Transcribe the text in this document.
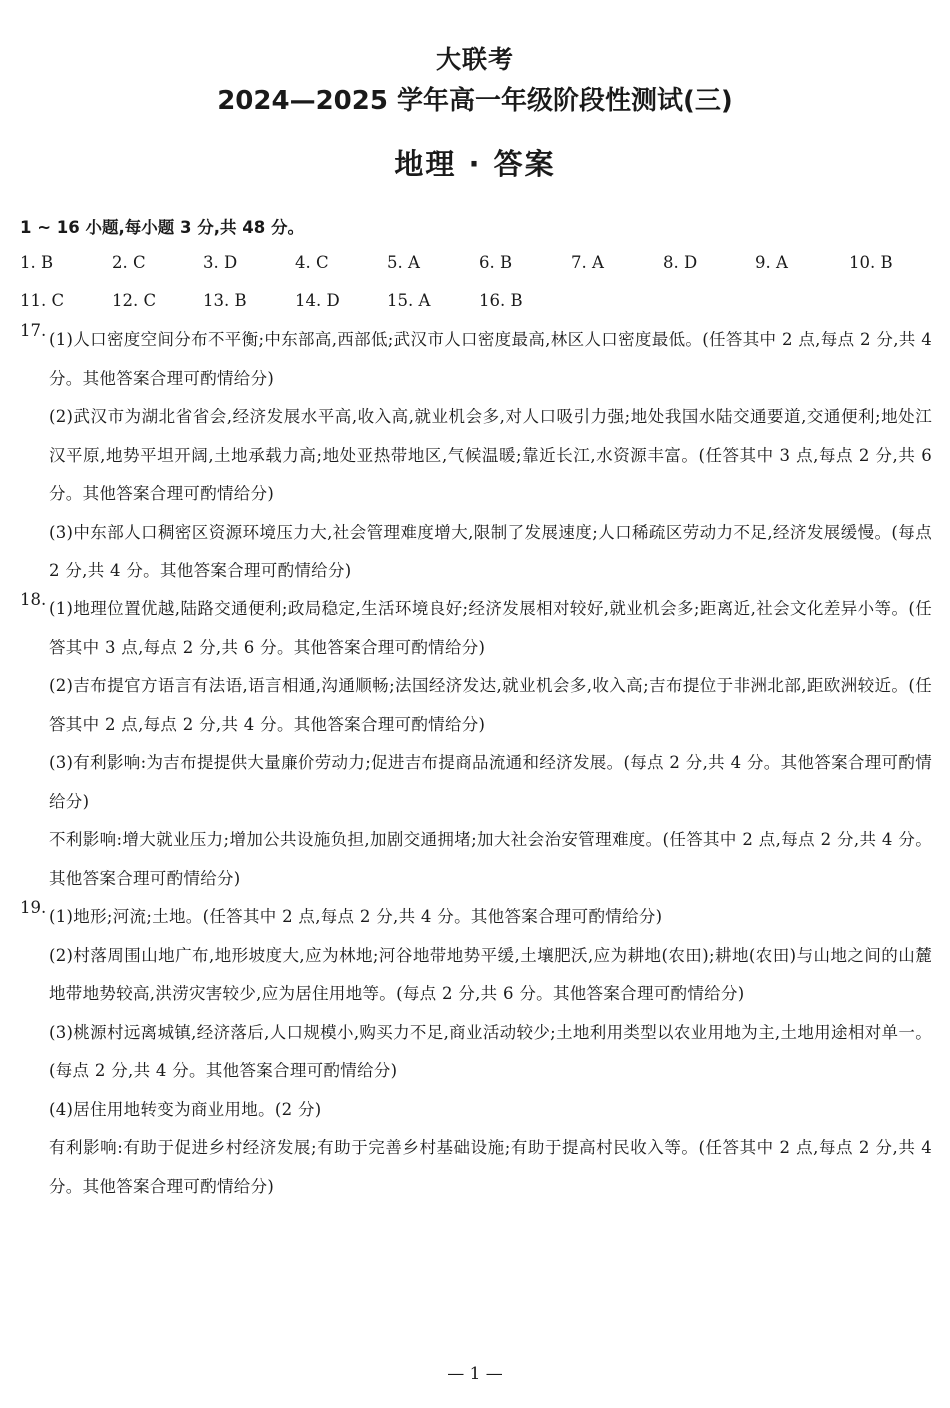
大联考
2024—2025 学年高一年级阶段性测试(三)
地理 · 答案
1 ~ 16 小题,每小题 3 分,共 48 分。
1. B	2. C	3. D	4. C	5. A	6. B	7. A	8. D	9. A	10. B
11. C	12. C	13. B	14. D	15. A	16. B
17. (1)人口密度空间分布不平衡;中东部高,西部低;武汉市人口密度最高,林区人口密度最低。(任答其中 2 点,每点 2 分,共 4 分。其他答案合理可酌情给分)

(2)武汉市为湖北省省会,经济发展水平高,收入高,就业机会多,对人口吸引力强;地处我国水陆交通要道,交通便利;地处江汉平原,地势平坦开阔,土地承载力高;地处亚热带地区,气候温暖;靠近长江,水资源丰富。(任答其中 3 点,每点 2 分,共 6 分。其他答案合理可酌情给分)

(3)中东部人口稠密区资源环境压力大,社会管理难度增大,限制了发展速度;人口稀疏区劳动力不足,经济发展缓慢。(每点 2 分,共 4 分。其他答案合理可酌情给分)

18. (1)地理位置优越,陆路交通便利;政局稳定,生活环境良好;经济发展相对较好,就业机会多;距离近,社会文化差异小等。(任答其中 3 点,每点 2 分,共 6 分。其他答案合理可酌情给分)

(2)吉布提官方语言有法语,语言相通,沟通顺畅;法国经济发达,就业机会多,收入高;吉布提位于非洲北部,距欧洲较近。(任答其中 2 点,每点 2 分,共 4 分。其他答案合理可酌情给分)

(3)有利影响:为吉布提提供大量廉价劳动力;促进吉布提商品流通和经济发展。(每点 2 分,共 4 分。其他答案合理可酌情给分)

不利影响:增大就业压力;增加公共设施负担,加剧交通拥堵;加大社会治安管理难度。(任答其中 2 点,每点 2 分,共 4 分。其他答案合理可酌情给分)

19. (1)地形;河流;土地。(任答其中 2 点,每点 2 分,共 4 分。其他答案合理可酌情给分)

(2)村落周围山地广布,地形坡度大,应为林地;河谷地带地势平缓,土壤肥沃,应为耕地(农田);耕地(农田)与山地之间的山麓地带地势较高,洪涝灾害较少,应为居住用地等。(每点 2 分,共 6 分。其他答案合理可酌情给分)

(3)桃源村远离城镇,经济落后,人口规模小,购买力不足,商业活动较少;土地利用类型以农业用地为主,土地用途相对单一。(每点 2 分,共 4 分。其他答案合理可酌情给分)

(4)居住用地转变为商业用地。(2 分)

有利影响:有助于促进乡村经济发展;有助于完善乡村基础设施;有助于提高村民收入等。(任答其中 2 点,每点 2 分,共 4 分。其他答案合理可酌情给分)

— 1 —
